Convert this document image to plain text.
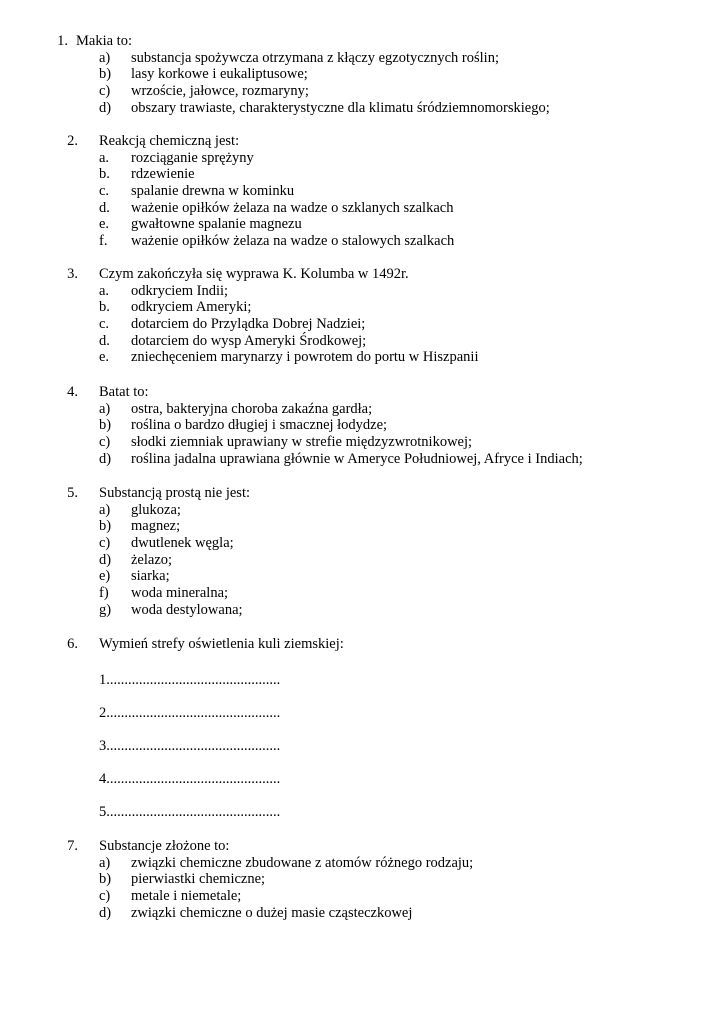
1. Makia to:
a) substancja spożywcza otrzymana z kłączy egzotycznych roślin;
b) lasy korkowe i eukaliptusowe;
c) wrzoście, jałowce, rozmaryny;
d) obszary trawiaste, charakterystyczne dla klimatu śródziemnomorskiego;
2. Reakcją chemiczną jest:
a. rozciąganie sprężyny
b. rdzewienie
c. spalanie drewna w kominku
d. ważenie opiłków żelaza na wadze o szklanych szalkach
e. gwałtowne spalanie magnezu
f. ważenie opiłków żelaza na wadze o stalowych szalkach
3. Czym zakończyła się wyprawa K. Kolumba w 1492r.
a. odkryciem Indii;
b. odkryciem Ameryki;
c. dotarciem do Przylądka Dobrej Nadziei;
d. dotarciem do wysp Ameryki Środkowej;
e. zniechęceniem marynarzy i powrotem do portu w Hiszpanii
4. Batat to:
a) ostra, bakteryjna choroba zakaźna gardła;
b) roślina o bardzo długiej i smacznej łodydze;
c) słodki ziemniak uprawiany w strefie międzyzwrotnikowej;
d) roślina jadalna uprawiana głównie w Ameryce Południowej, Afryce i Indiach;
5. Substancją prostą nie jest:
a) glukoza;
b) magnez;
c) dwutlenek węgla;
d) żelazo;
e) siarka;
f) woda mineralna;
g) woda destylowana;
6. Wymień strefy oświetlenia kuli ziemskiej:
1................................................
2................................................
3................................................
4................................................
5................................................
7. Substancje złożone to:
a) związki chemiczne zbudowane z atomów różnego rodzaju;
b) pierwiastki chemiczne;
c) metale i niemetale;
d) związki chemiczne o dużej masie cząsteczkowej
